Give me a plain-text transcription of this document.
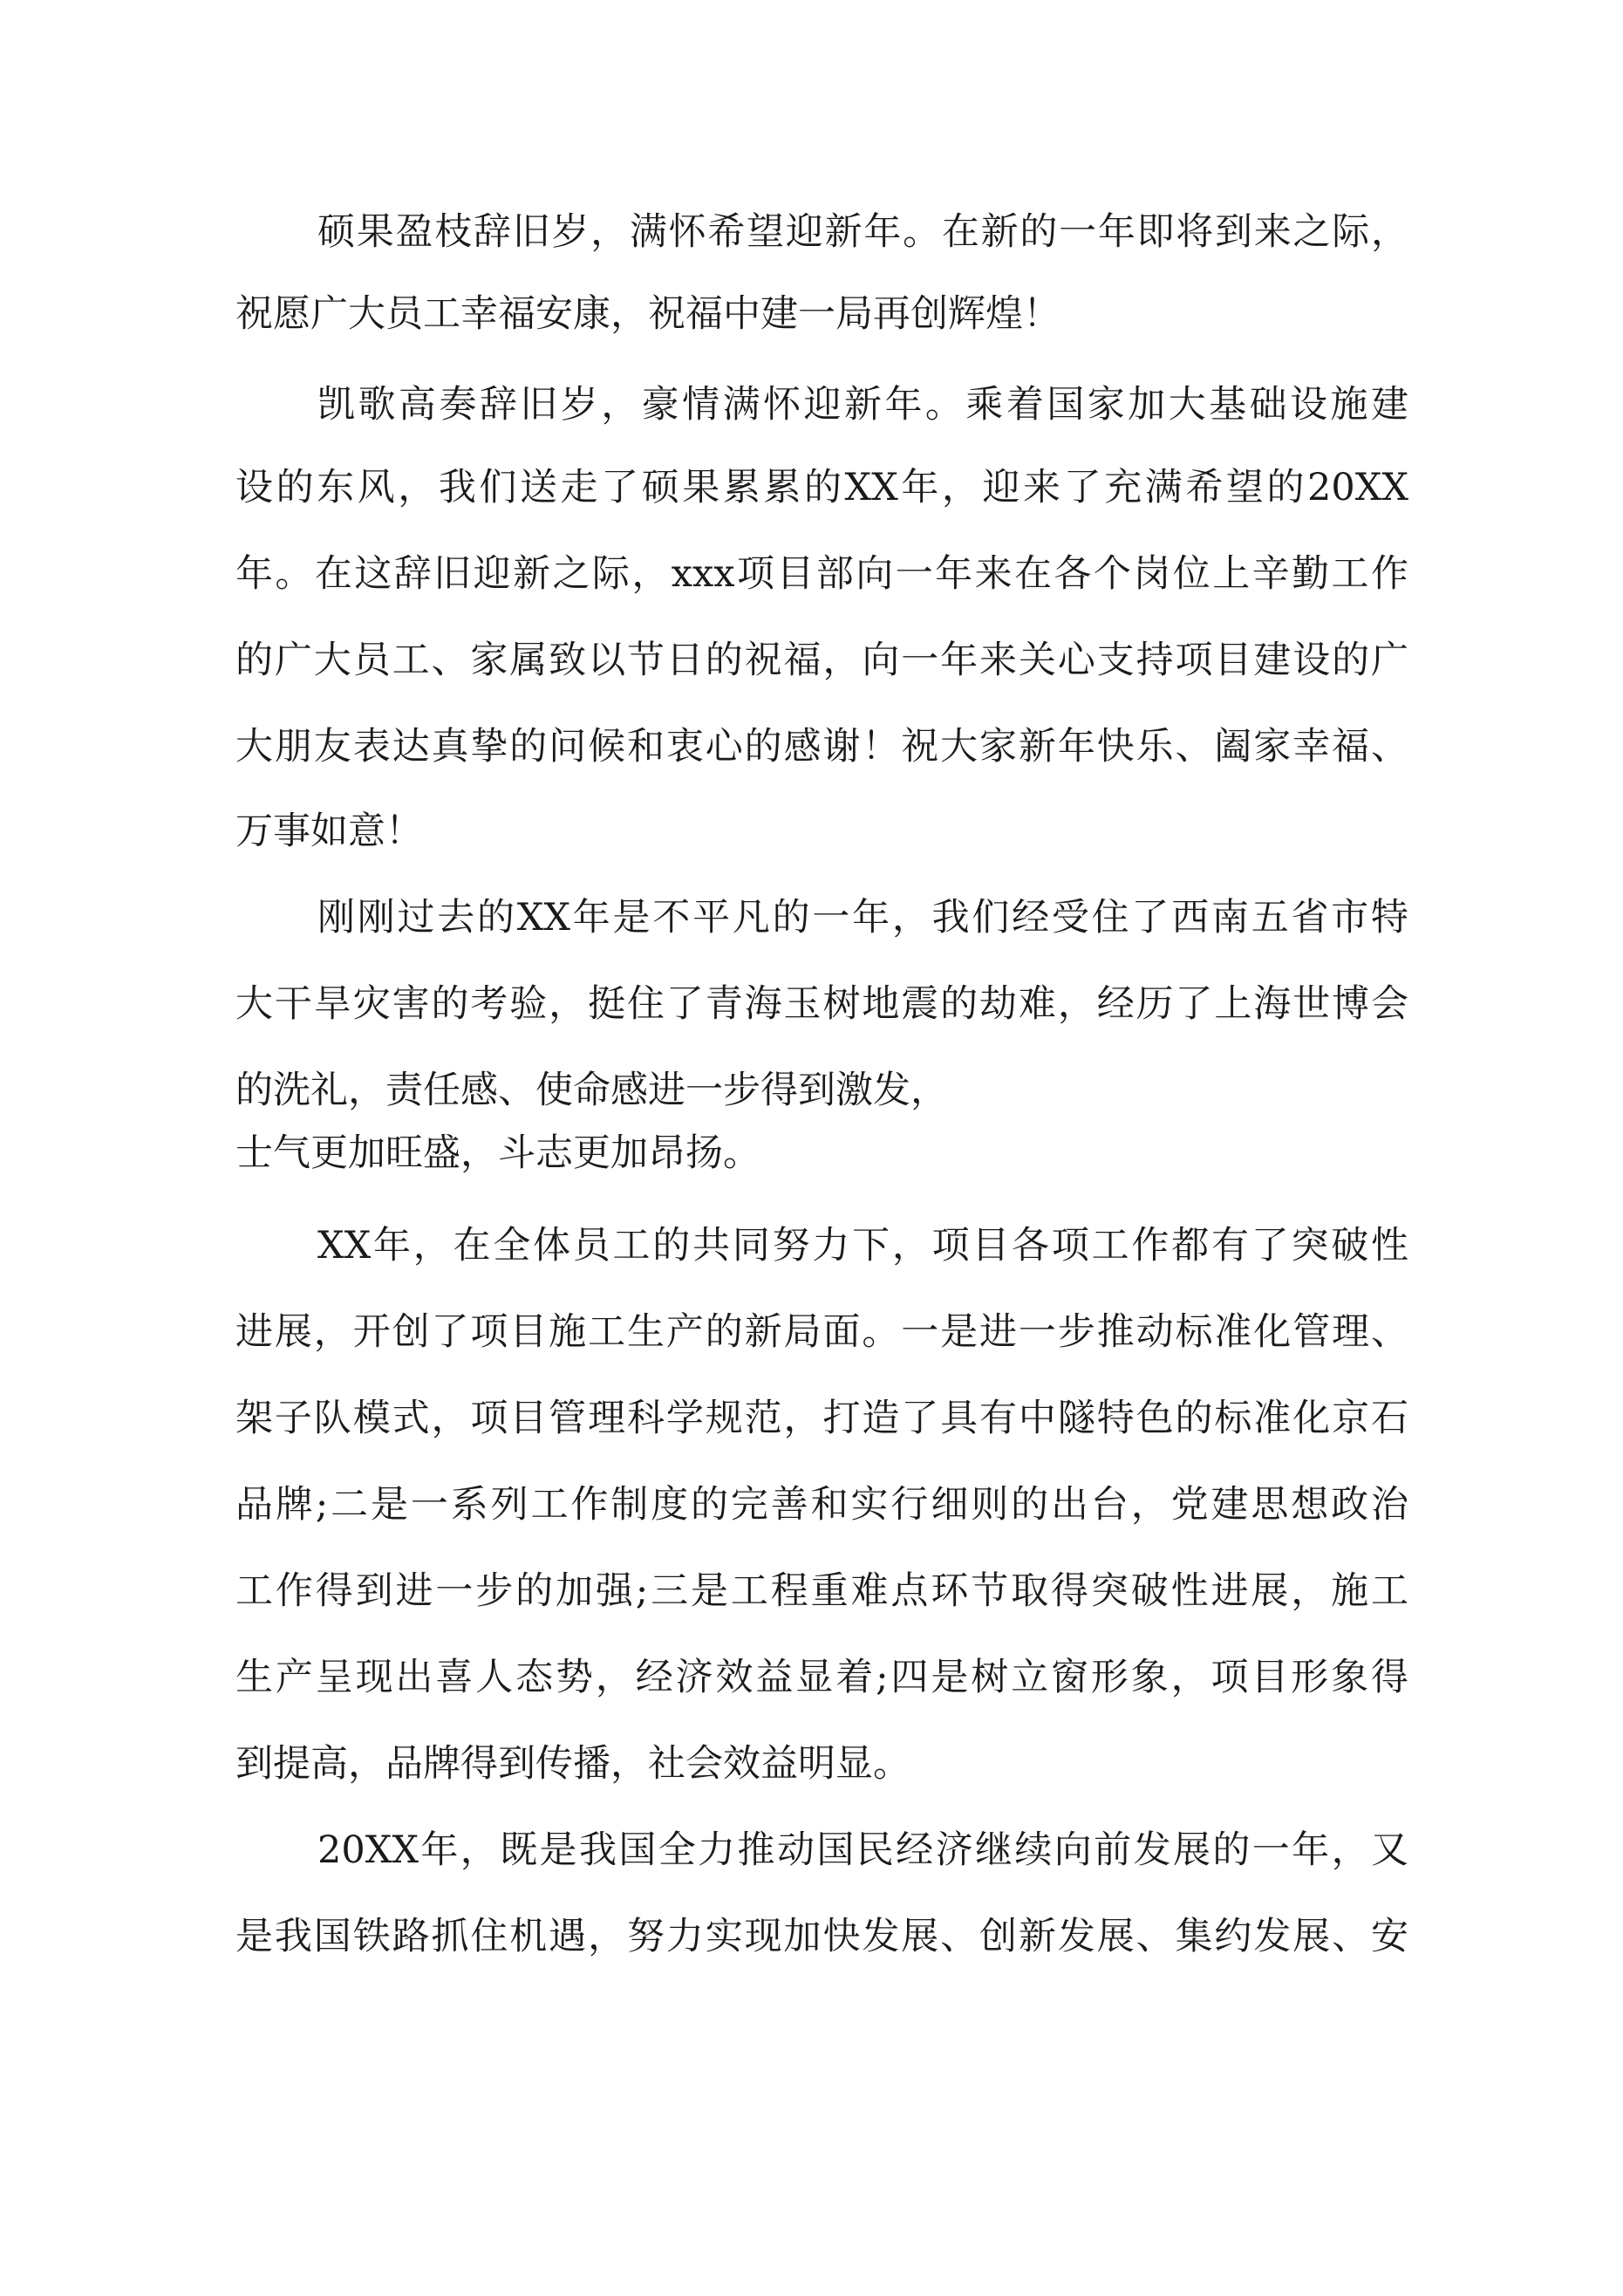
硕果盈枝辞旧岁，满怀希望迎新年。在新的一年即将到来之际，
祝愿广大员工幸福安康，祝福中建一局再创辉煌！
凯歌高奏辞旧岁，豪情满怀迎新年。乘着国家加大基础设施建
设的东风，我们送走了硕果累累的XX年，迎来了充满希望的20XX
年。在这辞旧迎新之际，xxx项目部向一年来在各个岗位上辛勤工作
的广大员工、家属致以节日的祝福，向一年来关心支持项目建设的广
大朋友表达真挚的问候和衷心的感谢！祝大家新年快乐、阖家幸福、
万事如意！
刚刚过去的XX年是不平凡的一年，我们经受住了西南五省市特
大干旱灾害的考验，挺住了青海玉树地震的劫难，经历了上海世博会
的洗礼，责任感、使命感进一步得到激发，
士气更加旺盛，斗志更加昂扬。
XX年，在全体员工的共同努力下，项目各项工作都有了突破性
进展，开创了项目施工生产的新局面。一是进一步推动标准化管理、
架子队模式，项目管理科学规范，打造了具有中隧特色的标准化京石
品牌;二是一系列工作制度的完善和实行细则的出台，党建思想政治
工作得到进一步的加强;三是工程重难点环节取得突破性进展，施工
生产呈现出喜人态势，经济效益显着;四是树立窗形象，项目形象得
到提高，品牌得到传播，社会效益明显。
20XX年，既是我国全力推动国民经济继续向前发展的一年，又
是我国铁路抓住机遇，努力实现加快发展、创新发展、集约发展、安
